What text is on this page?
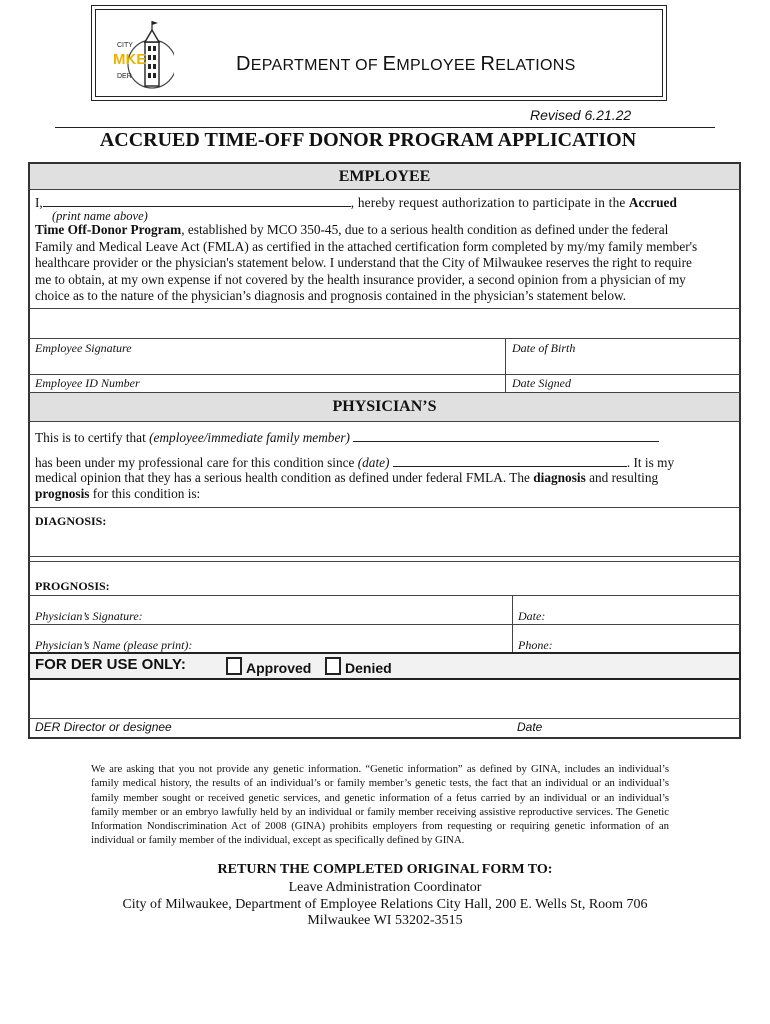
CITY
MKE
DER
DEPARTMENT OF EMPLOYEE RELATIONS
Revised 6.21.22
ACCRUED TIME-OFF DONOR PROGRAM APPLICATION
EMPLOYEE
I,	, hereby request authorization to participate in the Accrued
(print name above)
Time Off-Donor Program, established by MCO 350-45, due to a serious health condition as defined under the federal
Family and Medical Leave Act (FMLA) as certified in the attached certification form completed by my/my family member's
healthcare provider or the physician's statement below. I understand that the City of Milwaukee reserves the right to require
me to obtain, at my own expense if not covered by the health insurance provider, a second opinion from a physician of my
choice as to the nature of the physician’s diagnosis and prognosis contained in the physician’s statement below.
Employee Signature	Date of Birth
Employee ID Number	Date Signed
PHYSICIAN’S
This is to certify that (employee/immediate family member)
has been under my professional care for this condition since (date)	. It is my
medical opinion that they has a serious health condition as defined under federal FMLA. The diagnosis and resulting
prognosis for this condition is:
DIAGNOSIS:
PROGNOSIS:
Physician’s Signature:	Date:
Physician’s Name (please print):	Phone:
FOR DER USE ONLY:	Approved	Denied
DER Director or designee	Date
We are asking that you not provide any genetic information. “Genetic information” as defined by GINA, includes an individual’s family medical history, the results of an individual’s or family member’s genetic tests, the fact that an individual or an individual’s family member sought or received genetic services, and genetic information of a fetus carried by an individual or an individual’s family member or an embryo lawfully held by an individual or family member receiving assistive reproductive services. The Genetic Information Nondiscrimination Act of 2008 (GINA) prohibits employers from requesting or requiring genetic information of an individual or family member of the individual, except as specifically defined by GINA.
RETURN THE COMPLETED ORIGINAL FORM TO:
Leave Administration Coordinator
City of Milwaukee, Department of Employee Relations City Hall, 200 E. Wells St, Room 706
Milwaukee WI 53202-3515
